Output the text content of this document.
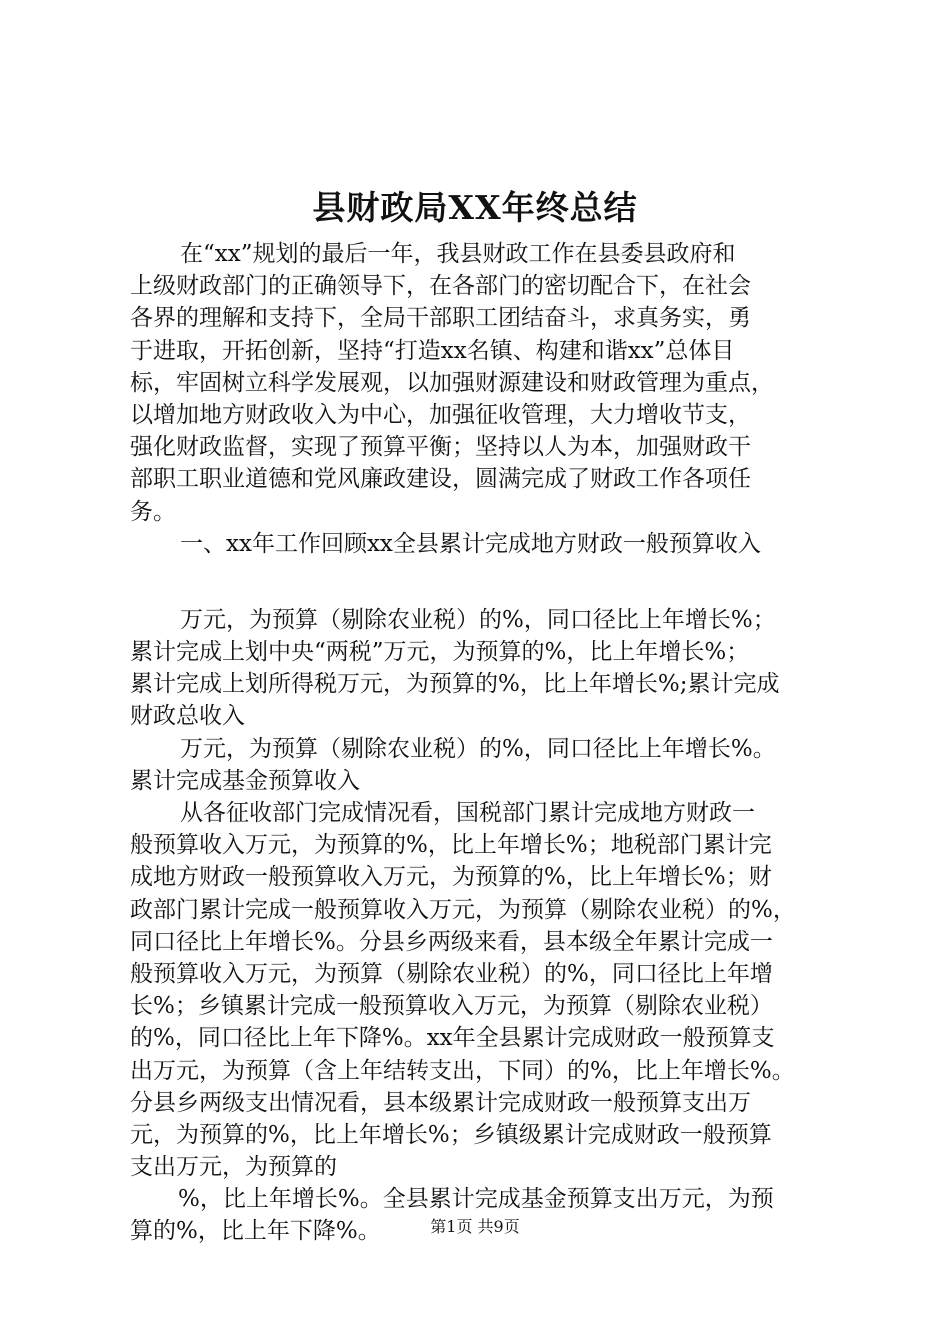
县财政局XX年终总结
在“xx”规划的最后一年，我县财政工作在县委县政府和
上级财政部门的正确领导下，在各部门的密切配合下，在社会
各界的理解和支持下，全局干部职工团结奋斗，求真务实，勇
于进取，开拓创新，坚持“打造xx名镇、构建和谐xx”总体目
标，牢固树立科学发展观，以加强财源建设和财政管理为重点，
以增加地方财政收入为中心，加强征收管理，大力增收节支，
强化财政监督，实现了预算平衡；坚持以人为本，加强财政干
部职工职业道德和党风廉政建设，圆满完成了财政工作各项任
务。
一、xx年工作回顾xx全县累计完成地方财政一般预算收入
万元，为预算（剔除农业税）的%，同口径比上年增长%；
累计完成上划中央“两税”万元，为预算的%，比上年增长%；
累计完成上划所得税万元，为预算的%，比上年增长%;累计完成
财政总收入
万元，为预算（剔除农业税）的%，同口径比上年增长%。
累计完成基金预算收入
从各征收部门完成情况看，国税部门累计完成地方财政一
般预算收入万元，为预算的%，比上年增长%；地税部门累计完
成地方财政一般预算收入万元，为预算的%，比上年增长%；财
政部门累计完成一般预算收入万元，为预算（剔除农业税）的%，
同口径比上年增长%。分县乡两级来看，县本级全年累计完成一
般预算收入万元，为预算（剔除农业税）的%，同口径比上年增
长%；乡镇累计完成一般预算收入万元，为预算（剔除农业税）
的%，同口径比上年下降%。xx年全县累计完成财政一般预算支
出万元，为预算（含上年结转支出，下同）的%，比上年增长%。
分县乡两级支出情况看，县本级累计完成财政一般预算支出万
元，为预算的%，比上年增长%；乡镇级累计完成财政一般预算
支出万元，为预算的
%，比上年增长%。全县累计完成基金预算支出万元，为预
算的%，比上年下降%。	第1页 共9页
